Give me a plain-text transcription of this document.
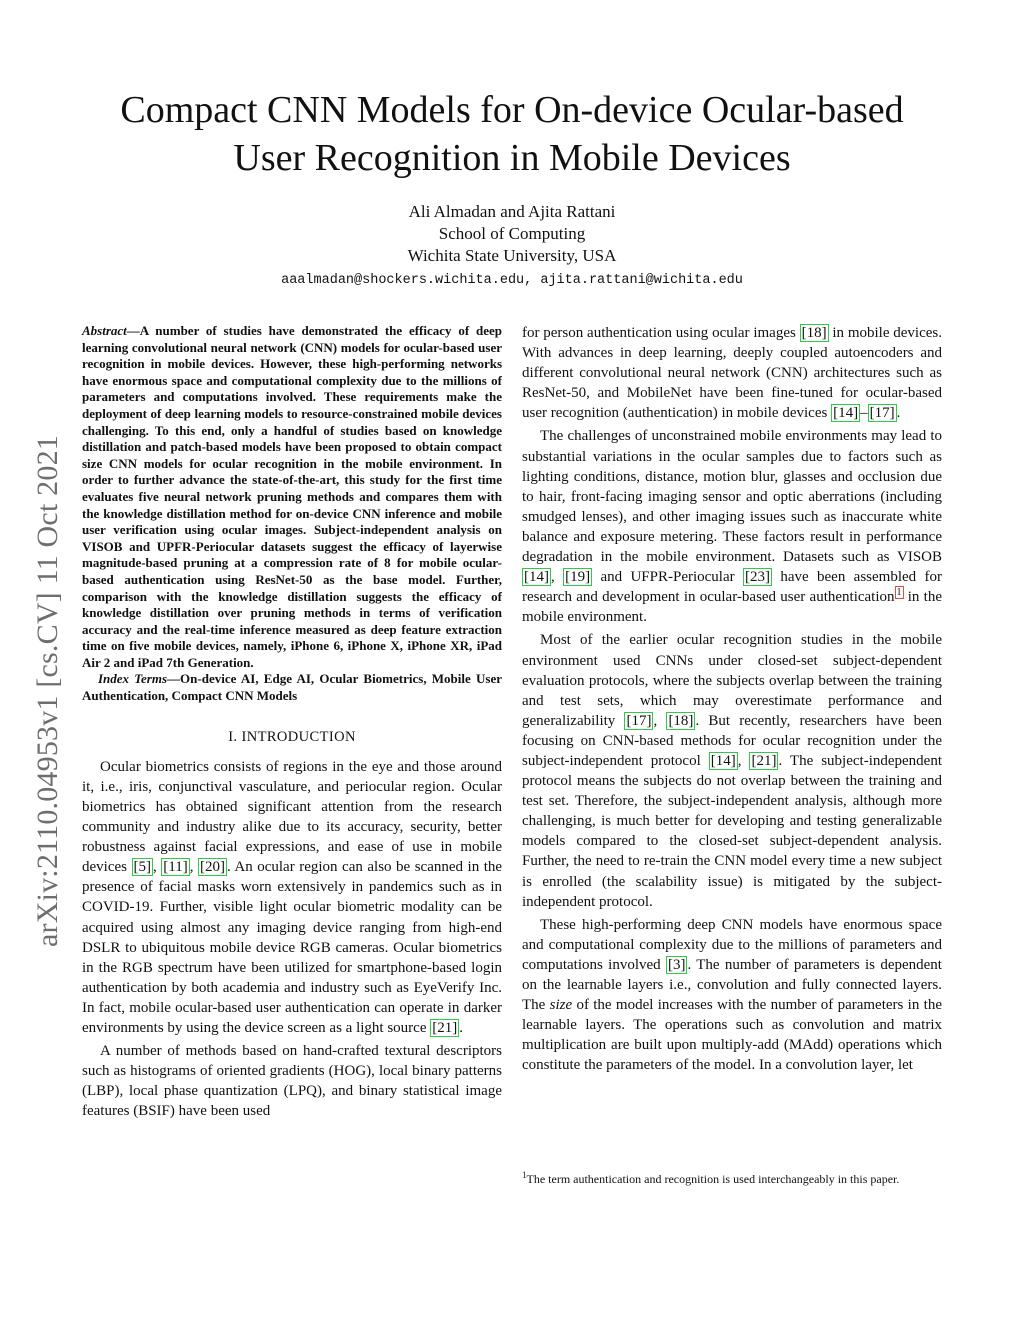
arXiv:2110.04953v1 [cs.CV] 11 Oct 2021
Compact CNN Models for On-device Ocular-based
User Recognition in Mobile Devices
Ali Almadan and Ajita Rattani
School of Computing
Wichita State University, USA
aaalmadan@shockers.wichita.edu, ajita.rattani@wichita.edu

Abstract—A number of studies have demonstrated the efficacy of deep learning convolutional neural network (CNN) models for ocular-based user recognition in mobile devices. However, these high-performing networks have enormous space and computational complexity due to the millions of parameters and computations involved. These requirements make the deployment of deep learning models to resource-constrained mobile devices challenging. To this end, only a handful of studies based on knowledge distillation and patch-based models have been proposed to obtain compact size CNN models for ocular recognition in the mobile environment. In order to further advance the state-of-the-art, this study for the first time evaluates five neural network pruning methods and compares them with the knowledge distillation method for on-device CNN inference and mobile user verification using ocular images. Subject-independent analysis on VISOB and UPFR-Periocular datasets suggest the efficacy of layerwise magnitude-based pruning at a compression rate of 8 for mobile ocular-based authentication using ResNet-50 as the base model. Further, comparison with the knowledge distillation suggests the efficacy of knowledge distillation over pruning methods in terms of verification accuracy and the real-time inference measured as deep feature extraction time on five mobile devices, namely, iPhone 6, iPhone X, iPhone XR, iPad Air 2 and iPad 7th Generation.

Index Terms—On-device AI, Edge AI, Ocular Biometrics, Mobile User Authentication, Compact CNN Models

I. INTRODUCTION

Ocular biometrics consists of regions in the eye and those around it, i.e., iris, conjunctival vasculature, and periocular region. Ocular biometrics has obtained significant attention from the research community and industry alike due to its accuracy, security, better robustness against facial expressions, and ease of use in mobile devices [5] , [11] , [20] . An ocular region can also be scanned in the presence of facial masks worn extensively in pandemics such as in COVID-19. Further, visible light ocular biometric modality can be acquired using almost any imaging device ranging from high-end DSLR to ubiquitous mobile device RGB cameras. Ocular biometrics in the RGB spectrum have been utilized for smartphone-based login authentication by both academia and industry such as EyeVerify Inc. In fact, mobile ocular-based user authentication can operate in darker environments by using the device screen as a light source [21] .

A number of methods based on hand-crafted textural descriptors such as histograms of oriented gradients (HOG), local binary patterns (LBP), local phase quantization (LPQ), and binary statistical image features (BSIF) have been used

for person authentication using ocular images [18] in mobile devices. With advances in deep learning, deeply coupled autoencoders and different convolutional neural network (CNN) architectures such as ResNet-50, and MobileNet have been fine-tuned for ocular-based user recognition (authentication) in mobile devices [14] – [17] .

The challenges of unconstrained mobile environments may lead to substantial variations in the ocular samples due to factors such as lighting conditions, distance, motion blur, glasses and occlusion due to hair, front-facing imaging sensor and optic aberrations (including smudged lenses), and other imaging issues such as inaccurate white balance and exposure metering. These factors result in performance degradation in the mobile environment. Datasets such as VISOB [14] , [19] and UFPR-Periocular [23] have been assembled for research and development in ocular-based user authentication $^1$ in the mobile environment.

Most of the earlier ocular recognition studies in the mobile environment used CNNs under closed-set subject-dependent evaluation protocols, where the subjects overlap between the training and test sets, which may overestimate performance and generalizability [17] , [18] . But recently, researchers have been focusing on CNN-based methods for ocular recognition under the subject-independent protocol [14] , [21] . The subject-independent protocol means the subjects do not overlap between the training and test set. Therefore, the subject-independent analysis, although more challenging, is much better for developing and testing generalizable models compared to the closed-set subject-dependent analysis. Further, the need to re-train the CNN model every time a new subject is enrolled (the scalability issue) is mitigated by the subject-independent protocol.

These high-performing deep CNN models have enormous space and computational complexity due to the millions of parameters and computations involved [3] . The number of parameters is dependent on the learnable layers i.e., convolution and fully connected layers. The size of the model increases with the number of parameters in the learnable layers. The operations such as convolution and matrix multiplication are built upon multiply-add (MAdd) operations which constitute the parameters of the model. In a convolution layer, let

$^1$The term authentication and recognition is used interchangeably in this paper.
